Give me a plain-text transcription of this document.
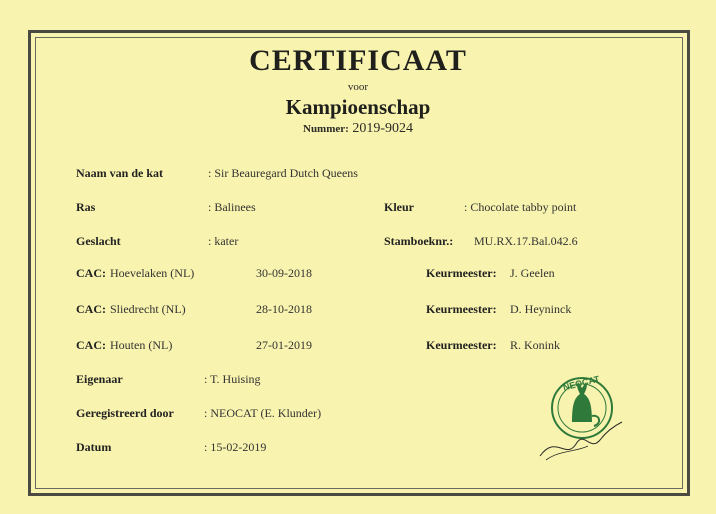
CERTIFICAAT
voor
Kampioenschap
Nummer: 2019-9024
Naam van de kat	: Sir Beauregard Dutch Queens
Ras	: Balinees	Kleur	: Chocolate tabby point
Geslacht	: kater	Stamboeknr.: MU.RX.17.Bal.042.6
CAC: Hoevelaken (NL)	30-09-2018	Keurmeester: J. Geelen
CAC: Sliedrecht (NL)	28-10-2018	Keurmeester: D. Heyninck
CAC: Houten (NL)	27-01-2019	Keurmeester: R. Konink
Eigenaar	: T. Huising
Geregistreerd door	: NEOCAT (E. Klunder)
Datum	: 15-02-2019
NEOCAT
